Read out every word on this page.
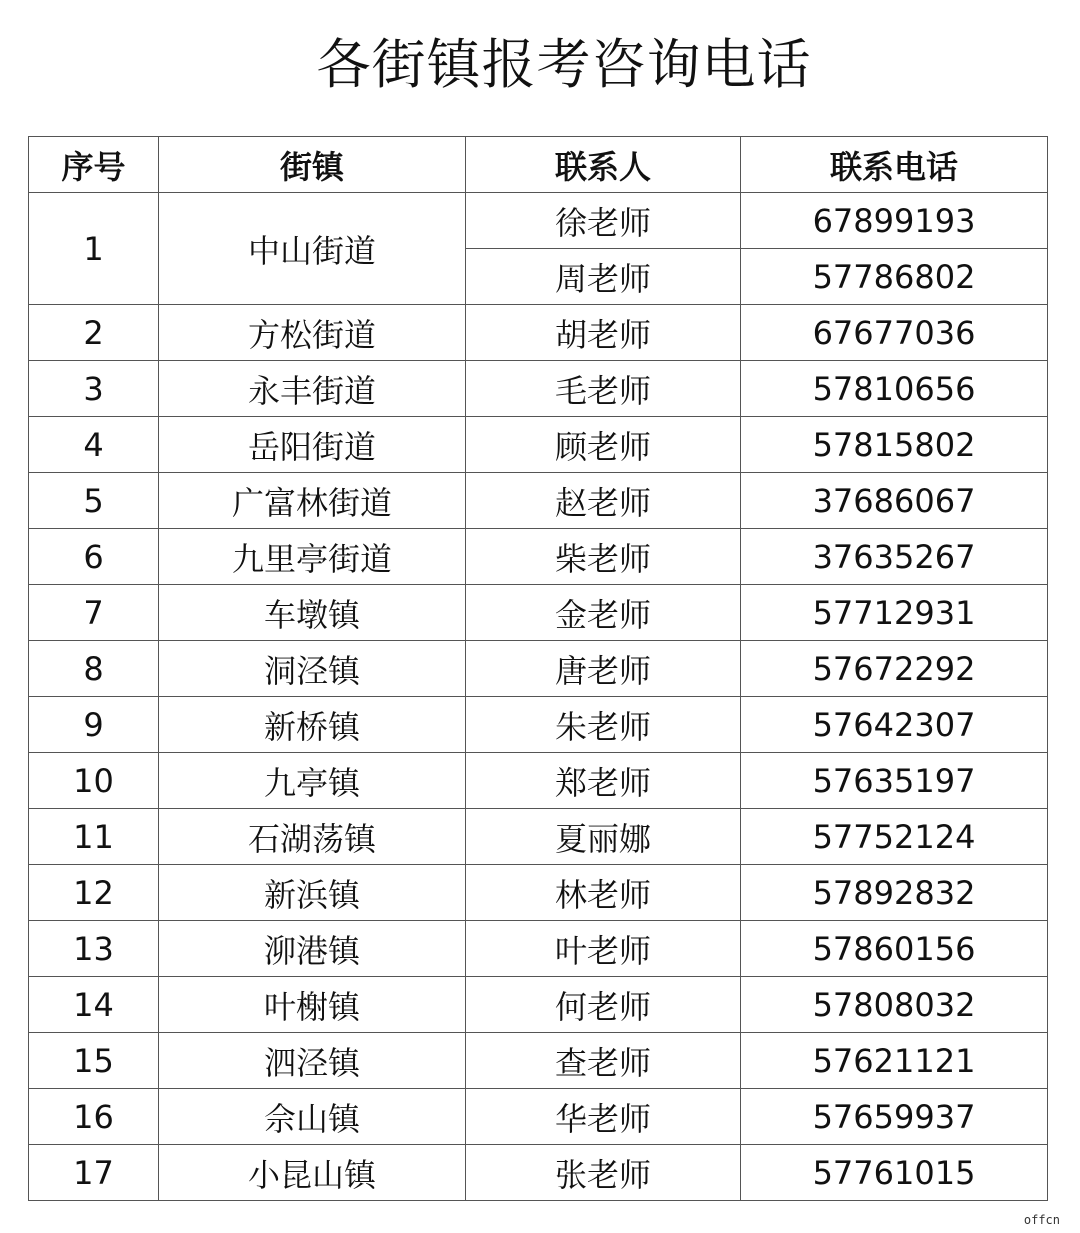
各街镇报考咨询电话
序号	街镇	联系人	联系电话
1	中山街道	徐老师	67899193
		周老师	57786802
2	方松街道	胡老师	67677036
3	永丰街道	毛老师	57810656
4	岳阳街道	顾老师	57815802
5	广富林街道	赵老师	37686067
6	九里亭街道	柴老师	37635267
7	车墩镇	金老师	57712931
8	洞泾镇	唐老师	57672292
9	新桥镇	朱老师	57642307
10	九亭镇	郑老师	57635197
11	石湖荡镇	夏丽娜	57752124
12	新浜镇	林老师	57892832
13	泖港镇	叶老师	57860156
14	叶榭镇	何老师	57808032
15	泗泾镇	查老师	57621121
16	佘山镇	华老师	57659937
17	小昆山镇	张老师	57761015
offcn
